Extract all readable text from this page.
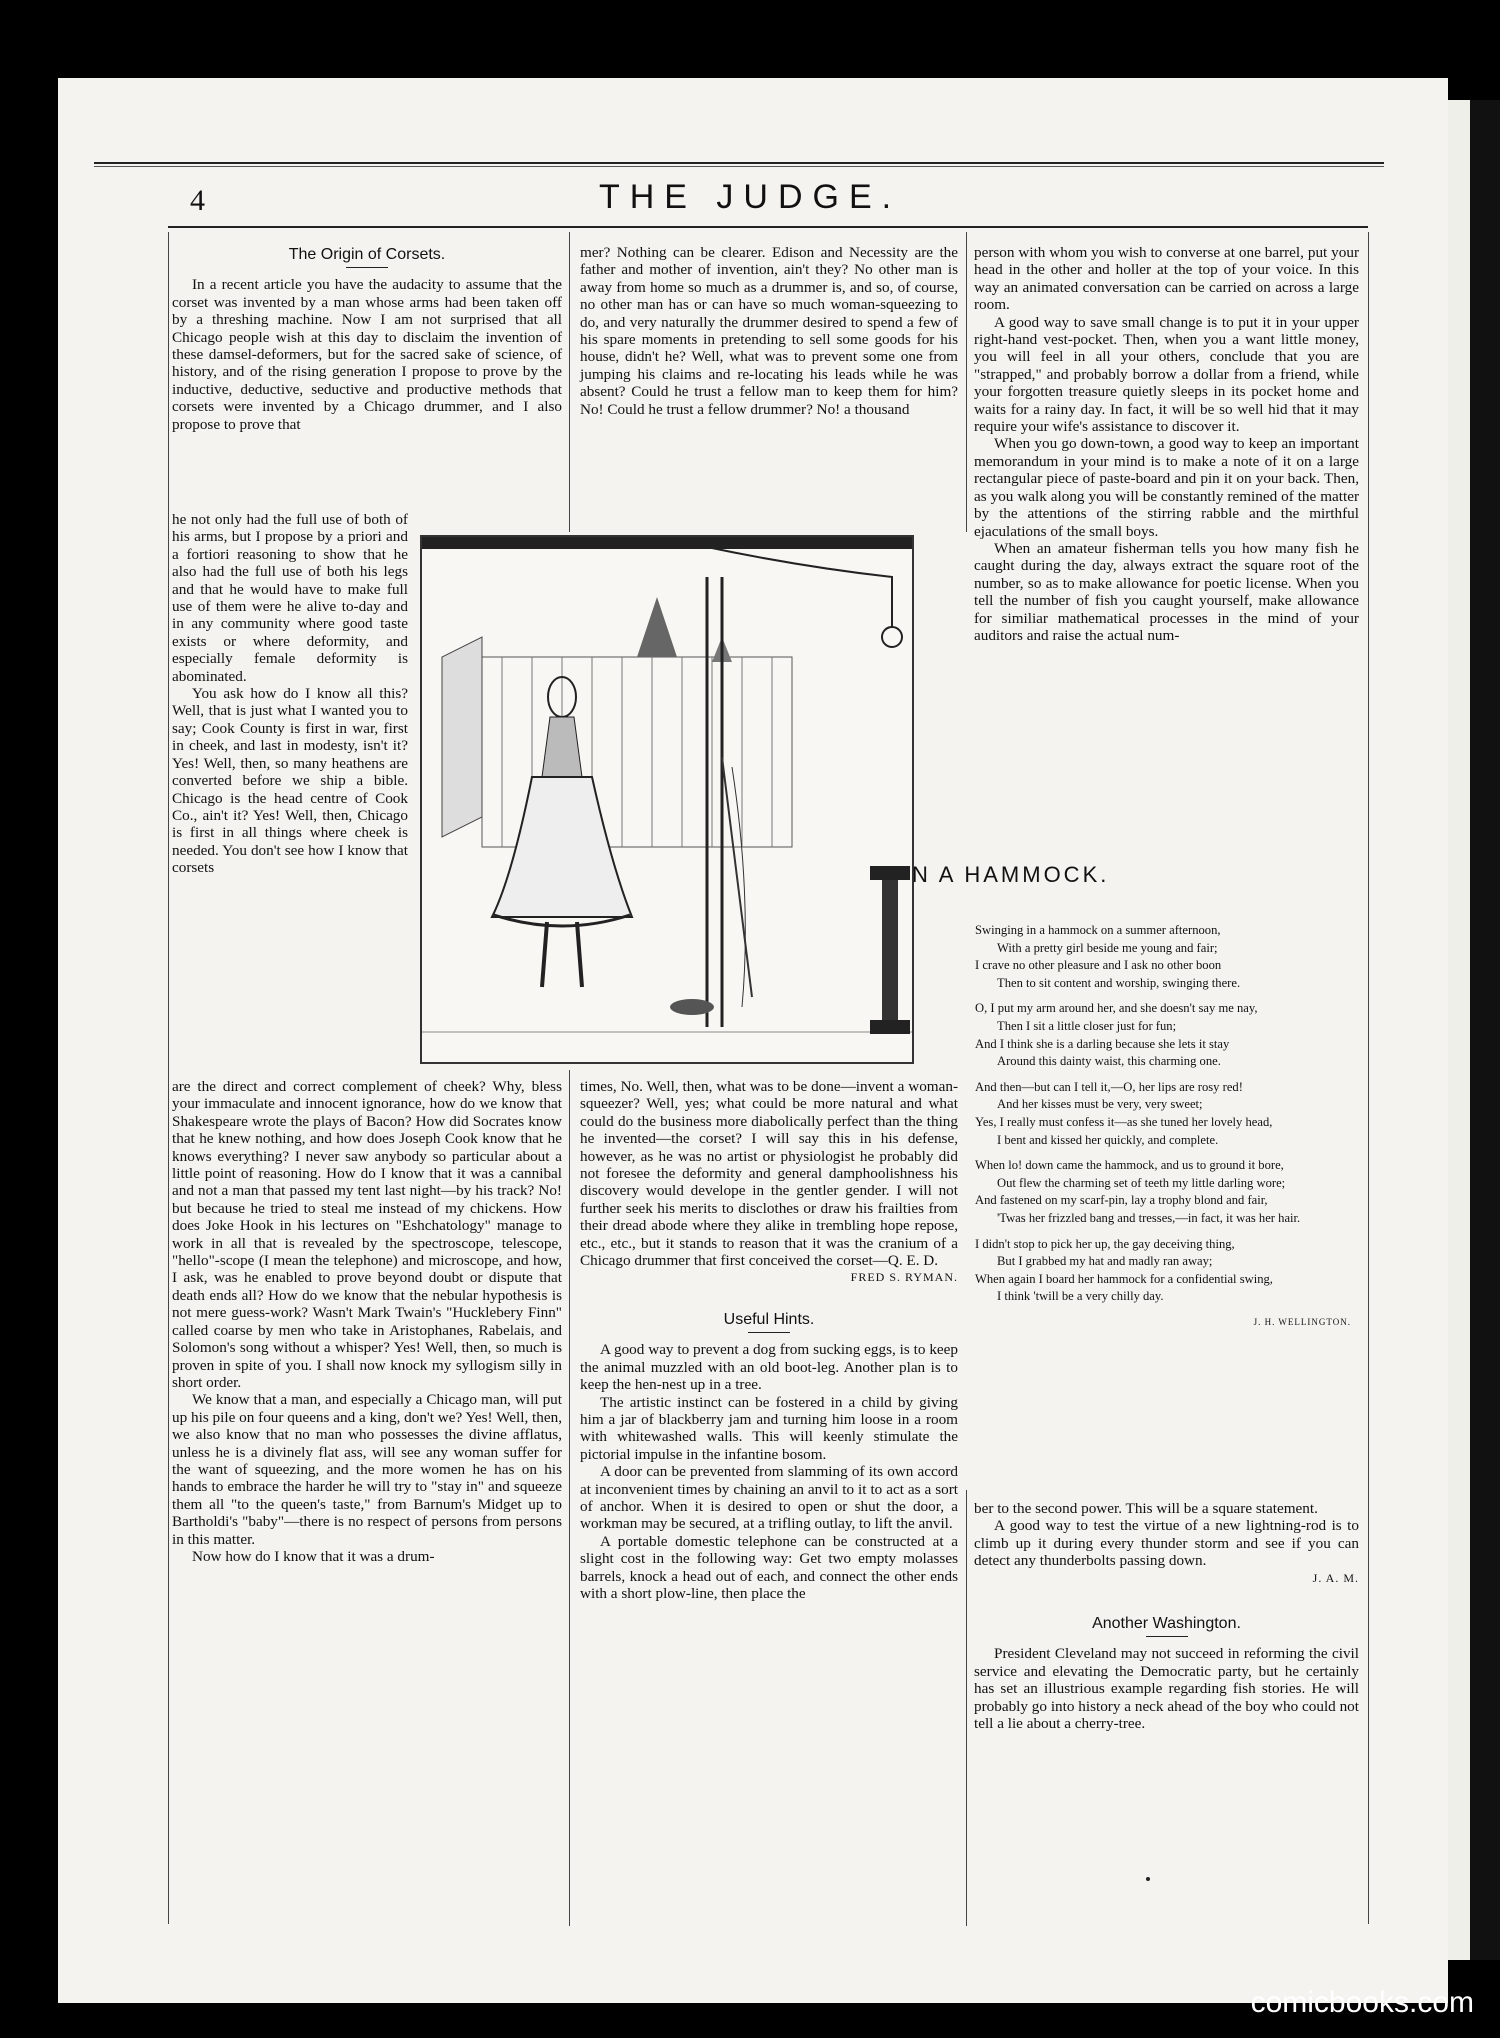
4	THE JUDGE.
The Origin of Corsets.

In a recent article you have the audacity to assume that the corset was invented by a man whose arms had been taken off by a threshing machine. Now I am not surprised that all Chicago people wish at this day to disclaim the invention of these damsel-deformers, but for the sacred sake of science, of history, and of the rising generation I propose to prove by the inductive, deductive, seductive and productive methods that corsets were invented by a Chicago drummer, and I also propose to prove that

he not only had the full use of both of his arms, but I propose by a priori and a fortiori reasoning to show that he also had the full use of both his legs and that he would have to make full use of them were he alive to-day and in any community where good taste exists or where deformity, and especially female deformity is abominated.

You ask how do I know all this? Well, that is just what I wanted you to say; Cook County is first in war, first in cheek, and last in modesty, isn't it? Yes! Well, then, so many heathens are converted before we ship a bible. Chicago is the head centre of Cook Co., ain't it? Yes! Well, then, Chicago is first in all things where cheek is needed. You don't see how I know that corsets

are the direct and correct complement of cheek? Why, bless your immaculate and innocent ignorance, how do we know that Shakespeare wrote the plays of Bacon? How did Socrates know that he knew nothing, and how does Joseph Cook know that he knows everything? I never saw anybody so particular about a little point of reasoning. How do I know that it was a cannibal and not a man that passed my tent last night—by his track? No! but because he tried to steal me instead of my chickens. How does Joke Hook in his lectures on "Eshchatology" manage to work in all that is revealed by the spectroscope, telescope, "hello"-scope (I mean the telephone) and microscope, and how, I ask, was he enabled to prove beyond doubt or dispute that death ends all? How do we know that the nebular hypothesis is not mere guess-work? Wasn't Mark Twain's "Hucklebery Finn" called coarse by men who take in Aristophanes, Rabelais, and Solomon's song without a whisper? Yes! Well, then, so much is proven in spite of you. I shall now knock my syllogism silly in short order.

We know that a man, and especially a Chicago man, will put up his pile on four queens and a king, don't we? Yes! Well, then, we also know that no man who possesses the divine afflatus, unless he is a divinely flat ass, will see any woman suffer for the want of squeezing, and the more women he has on his hands to embrace the harder he will try to "stay in" and squeeze them all "to the queen's taste," from Barnum's Midget up to Bartholdi's "baby"—there is no respect of persons from persons in this matter.

Now how do I know that it was a drum-

mer? Nothing can be clearer. Edison and Necessity are the father and mother of invention, ain't they? No other man is away from home so much as a drummer is, and so, of course, no other man has or can have so much woman-squeezing to do, and very naturally the drummer desired to spend a few of his spare moments in pretending to sell some goods for his house, didn't he? Well, what was to prevent some one from jumping his claims and re-locating his leads while he was absent? Could he trust a fellow man to keep them for him? No! Could he trust a fellow drummer? No! a thousand

times, No. Well, then, what was to be done—invent a woman-squeezer? Well, yes; what could be more natural and what could do the business more diabolically perfect than the thing he invented—the corset? I will say this in his defense, however, as he was no artist or physiologist he probably did not foresee the deformity and general damphoolishness his discovery would develope in the gentler gender. I will not further seek his merits to disclothes or draw his frailties from their dread abode where they alike in trembling hope repose, etc., etc., but it stands to reason that it was the cranium of a Chicago drummer that first conceived the corset—Q. E. D.

FRED S. RYMAN.
Useful Hints.

A good way to prevent a dog from sucking eggs, is to keep the animal muzzled with an old boot-leg. Another plan is to keep the hen-nest up in a tree.

The artistic instinct can be fostered in a child by giving him a jar of blackberry jam and turning him loose in a room with whitewashed walls. This will keenly stimulate the pictorial impulse in the infantine bosom.

A door can be prevented from slamming of its own accord at inconvenient times by chaining an anvil to it to act as a sort of anchor. When it is desired to open or shut the door, a workman may be secured, at a trifling outlay, to lift the anvil.

A portable domestic telephone can be constructed at a slight cost in the following way: Get two empty molasses barrels, knock a head out of each, and connect the other ends with a short plow-line, then place the

person with whom you wish to converse at one barrel, put your head in the other and holler at the top of your voice. In this way an animated conversation can be carried on across a large room.

A good way to save small change is to put it in your upper right-hand vest-pocket. Then, when you a want little money, you will feel in all your others, conclude that you are "strapped," and probably borrow a dollar from a friend, while your forgotten treasure quietly sleeps in its pocket home and waits for a rainy day. In fact, it will be so well hid that it may require your wife's assistance to discover it.

When you go down-town, a good way to keep an important memorandum in your mind is to make a note of it on a large rectangular piece of paste-board and pin it on your back. Then, as you walk along you will be constantly remined of the matter by the attentions of the stirring rabble and the mirthful ejaculations of the small boys.

When an amateur fisherman tells you how many fish he caught during the day, always extract the square root of the number, so as to make allowance for poetic license. When you tell the number of fish you caught yourself, make allowance for similiar mathematical processes in the mind of your auditors and raise the actual num-

N A HAMMOCK.
Swinging in a hammock on a summer afternoon,
With a pretty girl beside me young and fair;
I crave no other pleasure and I ask no other boon
Then to sit content and worship, swinging there.
O, I put my arm around her, and she doesn't say me nay,
Then I sit a little closer just for fun;
And I think she is a darling because she lets it stay
Around this dainty waist, this charming one.
And then—but can I tell it,—O, her lips are rosy red!
And her kisses must be very, very sweet;
Yes, I really must confess it—as she tuned her lovely head,
I bent and kissed her quickly, and complete.
When lo! down came the hammock, and us to ground it bore,
Out flew the charming set of teeth my little darling wore;
And fastened on my scarf-pin, lay a trophy blond and fair,
'Twas her frizzled bang and tresses,—in fact, it was her hair.
I didn't stop to pick her up, the gay deceiving thing,
But I grabbed my hat and madly ran away;
When again I board her hammock for a confidential swing,
I think 'twill be a very chilly day.
J. H. WELLINGTON.

ber to the second power. This will be a square statement.

A good way to test the virtue of a new lightning-rod is to climb up it during every thunder storm and see if you can detect any thunderbolts passing down.

J. A. M.
Another Washington.

President Cleveland may not succeed in reforming the civil service and elevating the Democratic party, but he certainly has set an illustrious example regarding fish stories. He will probably go into history a neck ahead of the boy who could not tell a lie about a cherry-tree.

comicbooks.com
